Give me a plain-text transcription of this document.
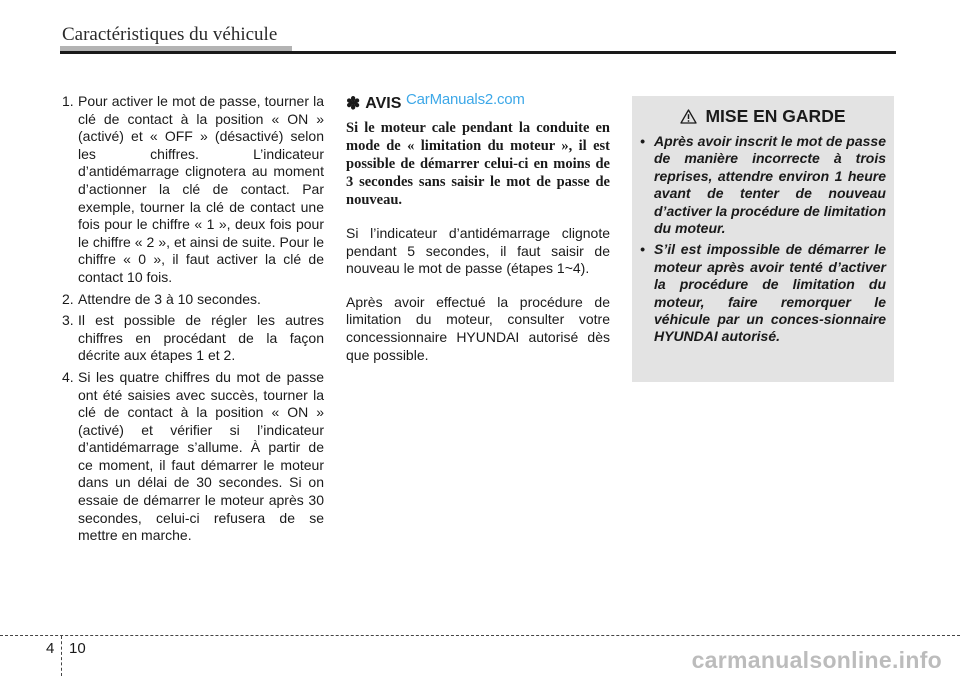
Caractéristiques du véhicule
1. Pour activer le mot de passe, tourner la clé de contact à la position « ON » (activé) et « OFF » (désactivé) selon les chiffres. L’indicateur d’antidémarrage clignotera au moment d’actionner la clé de contact. Par exemple, tourner la clé de contact une fois pour le chiffre « 1 », deux fois pour le chiffre « 2 », et ainsi de suite. Pour le chiffre « 0 », il faut activer la clé de contact 10 fois.
2. Attendre de 3 à 10 secondes.
3. Il est possible de régler les autres chiffres en procédant de la façon décrite aux étapes 1 et 2.
4. Si les quatre chiffres du mot de passe ont été saisies avec succès, tourner la clé de contact à la position « ON » (activé) et vérifier si l’indicateur d’antidémarrage s’allume. À partir de ce moment, il faut démarrer le moteur dans un délai de 30 secondes. Si on essaie de démarrer le moteur après 30 secondes, celui-ci refusera de se mettre en marche.
✽ AVIS CarManuals2.com

Si le moteur cale pendant la conduite en mode de « limitation du moteur », il est possible de démarrer celui-ci en moins de 3 secondes sans saisir le mot de passe de nouveau.

Si l’indicateur d’antidémarrage clignote pendant 5 secondes, il faut saisir de nouveau le mot de passe (étapes 1~4).

Après avoir effectué la procédure de limitation du moteur, consulter votre concessionnaire HYUNDAI autorisé dès que possible.

MISE EN GARDE
• Après avoir inscrit le mot de passe de manière incorrecte à trois reprises, attendre environ 1 heure avant de tenter de nouveau d’activer la procédure de limitation du moteur.
• S’il est impossible de démarrer le moteur après avoir tenté d’activer la procédure de limitation du moteur, faire remorquer le véhicule par un conces-sionnaire HYUNDAI autorisé.
4 10	carmanualsonline.info
